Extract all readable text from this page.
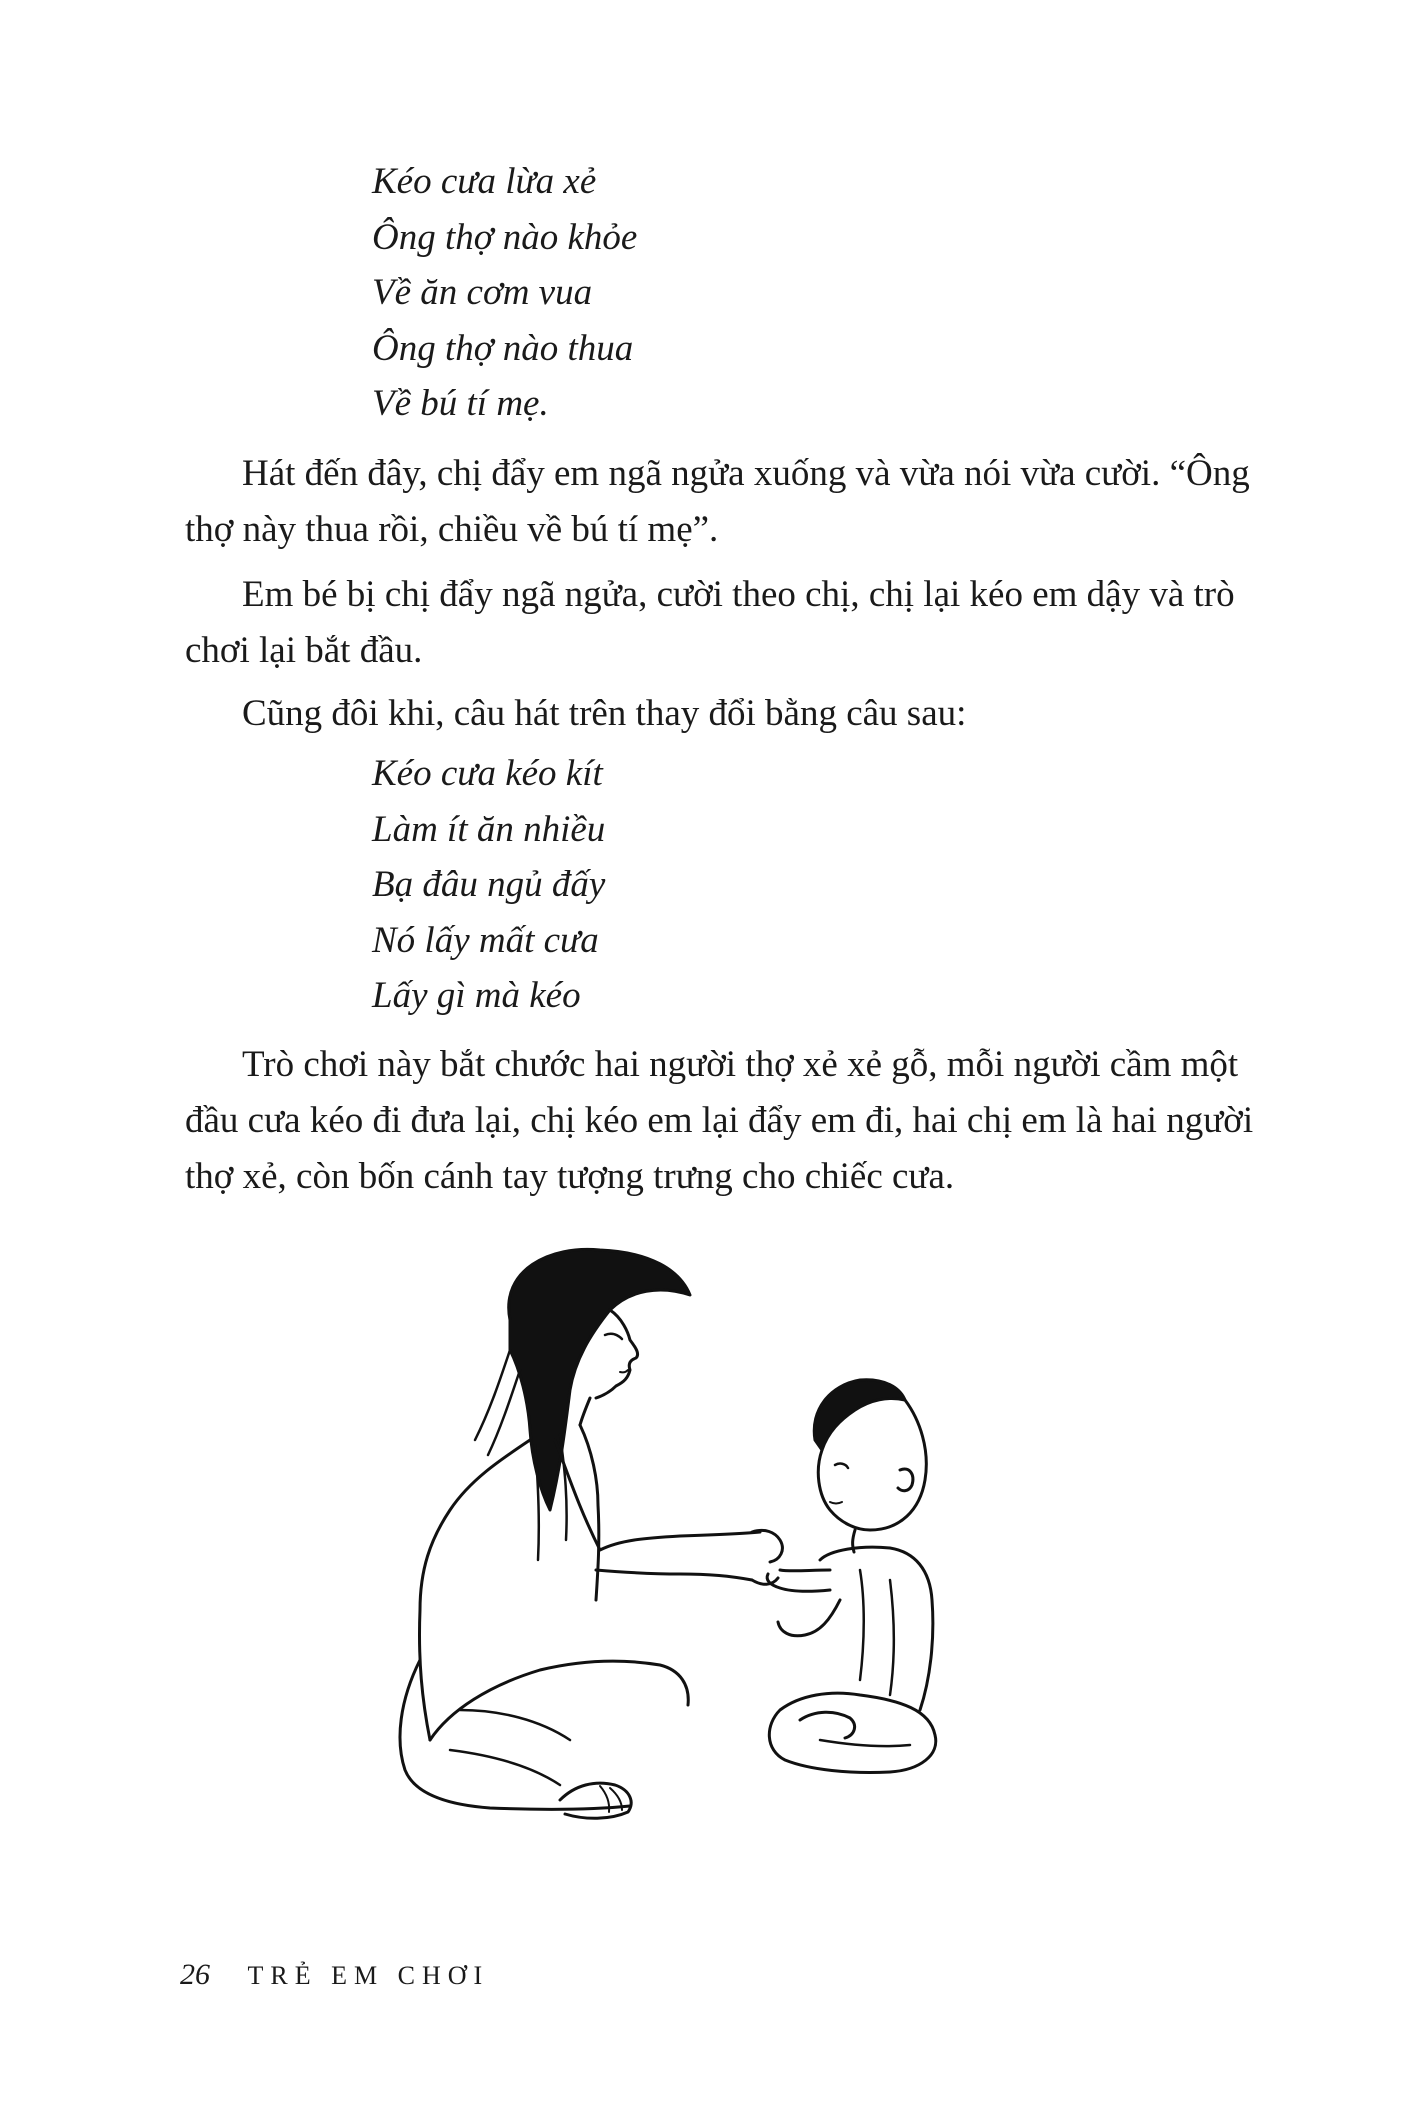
Kéo cưa lừa xẻ
Ông thợ nào khỏe
Về ăn cơm vua
Ông thợ nào thua
Về bú tí mẹ.

Hát đến đây, chị đẩy em ngã ngửa xuống và vừa nói vừa cười. “Ông thợ này thua rồi, chiều về bú tí mẹ”.

Em bé bị chị đẩy ngã ngửa, cười theo chị, chị lại kéo em dậy và trò chơi lại bắt đầu.

Cũng đôi khi, câu hát trên thay đổi bằng câu sau:

Kéo cưa kéo kít
Làm ít ăn nhiều
Bạ đâu ngủ đấy
Nó lấy mất cưa
Lấy gì mà kéo

Trò chơi này bắt chước hai người thợ xẻ xẻ gỗ, mỗi người cầm một đầu cưa kéo đi đưa lại, chị kéo em lại đẩy em đi, hai chị em là hai người thợ xẻ, còn bốn cánh tay tượng trưng cho chiếc cưa.

26 TRẺ EM CHƠI
